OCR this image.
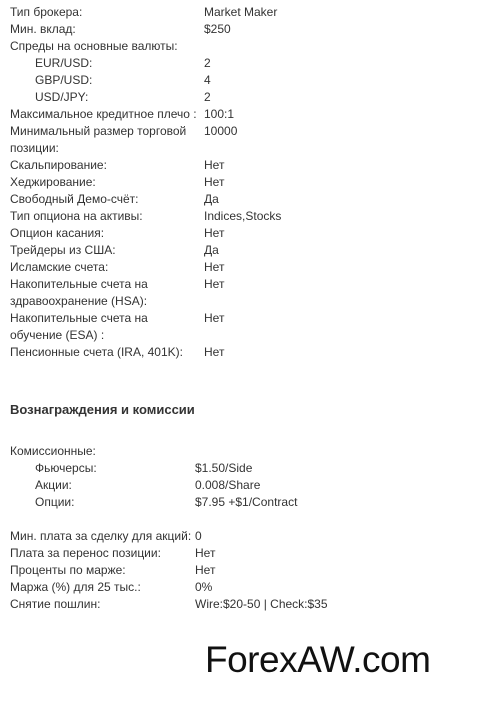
Тип брокера:	Market Maker
Мин. вклад:	$250
Спреды на основные валюты:
EUR/USD:	2
GBP/USD:	4
USD/JPY:	2
Максимальное кредитное плечо : 100:1
Минимальный размер торговой позиции:
10000
Скальпирование:	Нет
Хеджирование:	Нет
Свободный Демо-счёт:	Да
Тип опциона на активы:	Indices,Stocks
Опцион касания:	Нет
Трейдеры из США:	Да
Исламские счета:	Нет
Накопительные счета на здравоохранение (HSA):
Нет
Накопительные счета на обучение (ESA) :
Нет
Пенсионные счета (IRA, 401K): Нет
Вознаграждения и комиссии
Комиссионные:
Фьючерсы:	$1.50/Side
Акции:	0.008/Share
Опции:	$7.95 +$1/Contract
Мин. плата за сделку для акций: 0
Плата за перенос позиции:	Нет
Проценты по марже:	Нет
Маржа (%) для 25 тыс.:	0%
Снятие пошлин:	Wire:$20-50 | Check:$35
ForexAW.com
